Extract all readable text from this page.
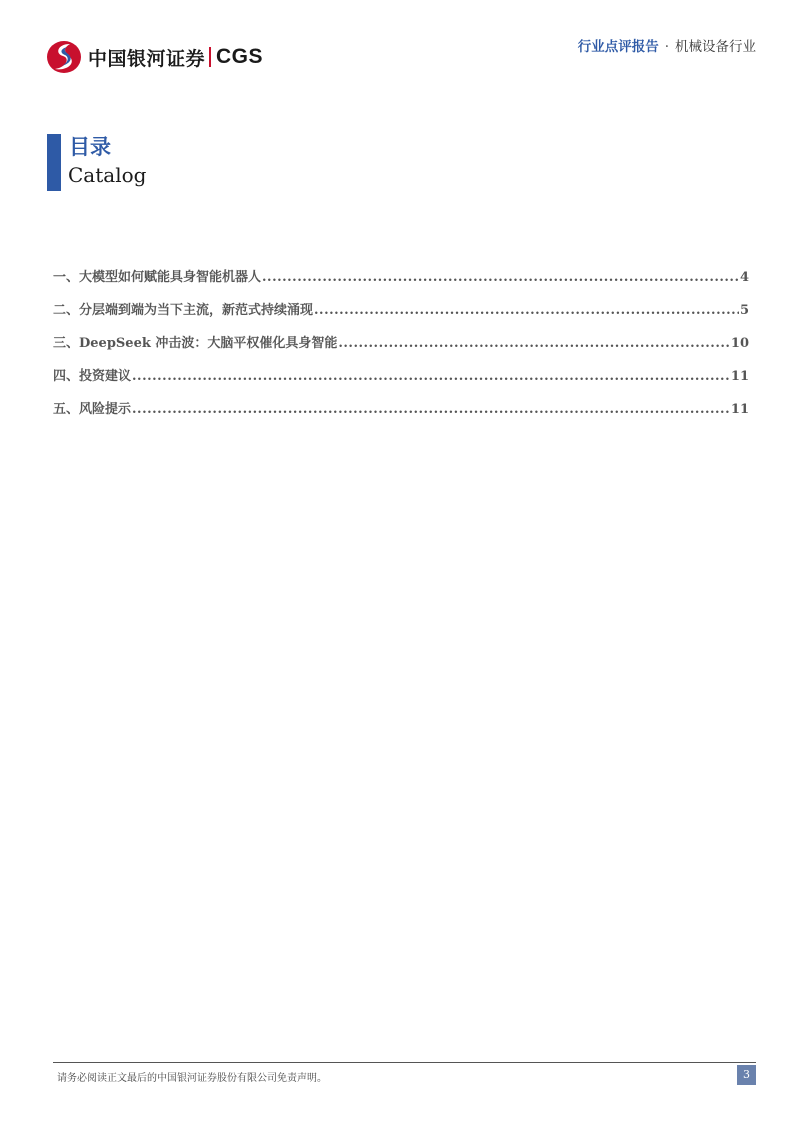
中国银河证券 CGS	行业点评报告 · 机械设备行业
目录
Catalog
一、大模型如何赋能具身智能机器人 .....	4
二、分层端到端为当下主流，新范式持续涌现 .....	5
三、DeepSeek 冲击波：大脑平权催化具身智能 .....	10
四、投资建议 .....	11
五、风险提示 .....	11
请务必阅读正文最后的中国银河证券股份有限公司免责声明。	3
